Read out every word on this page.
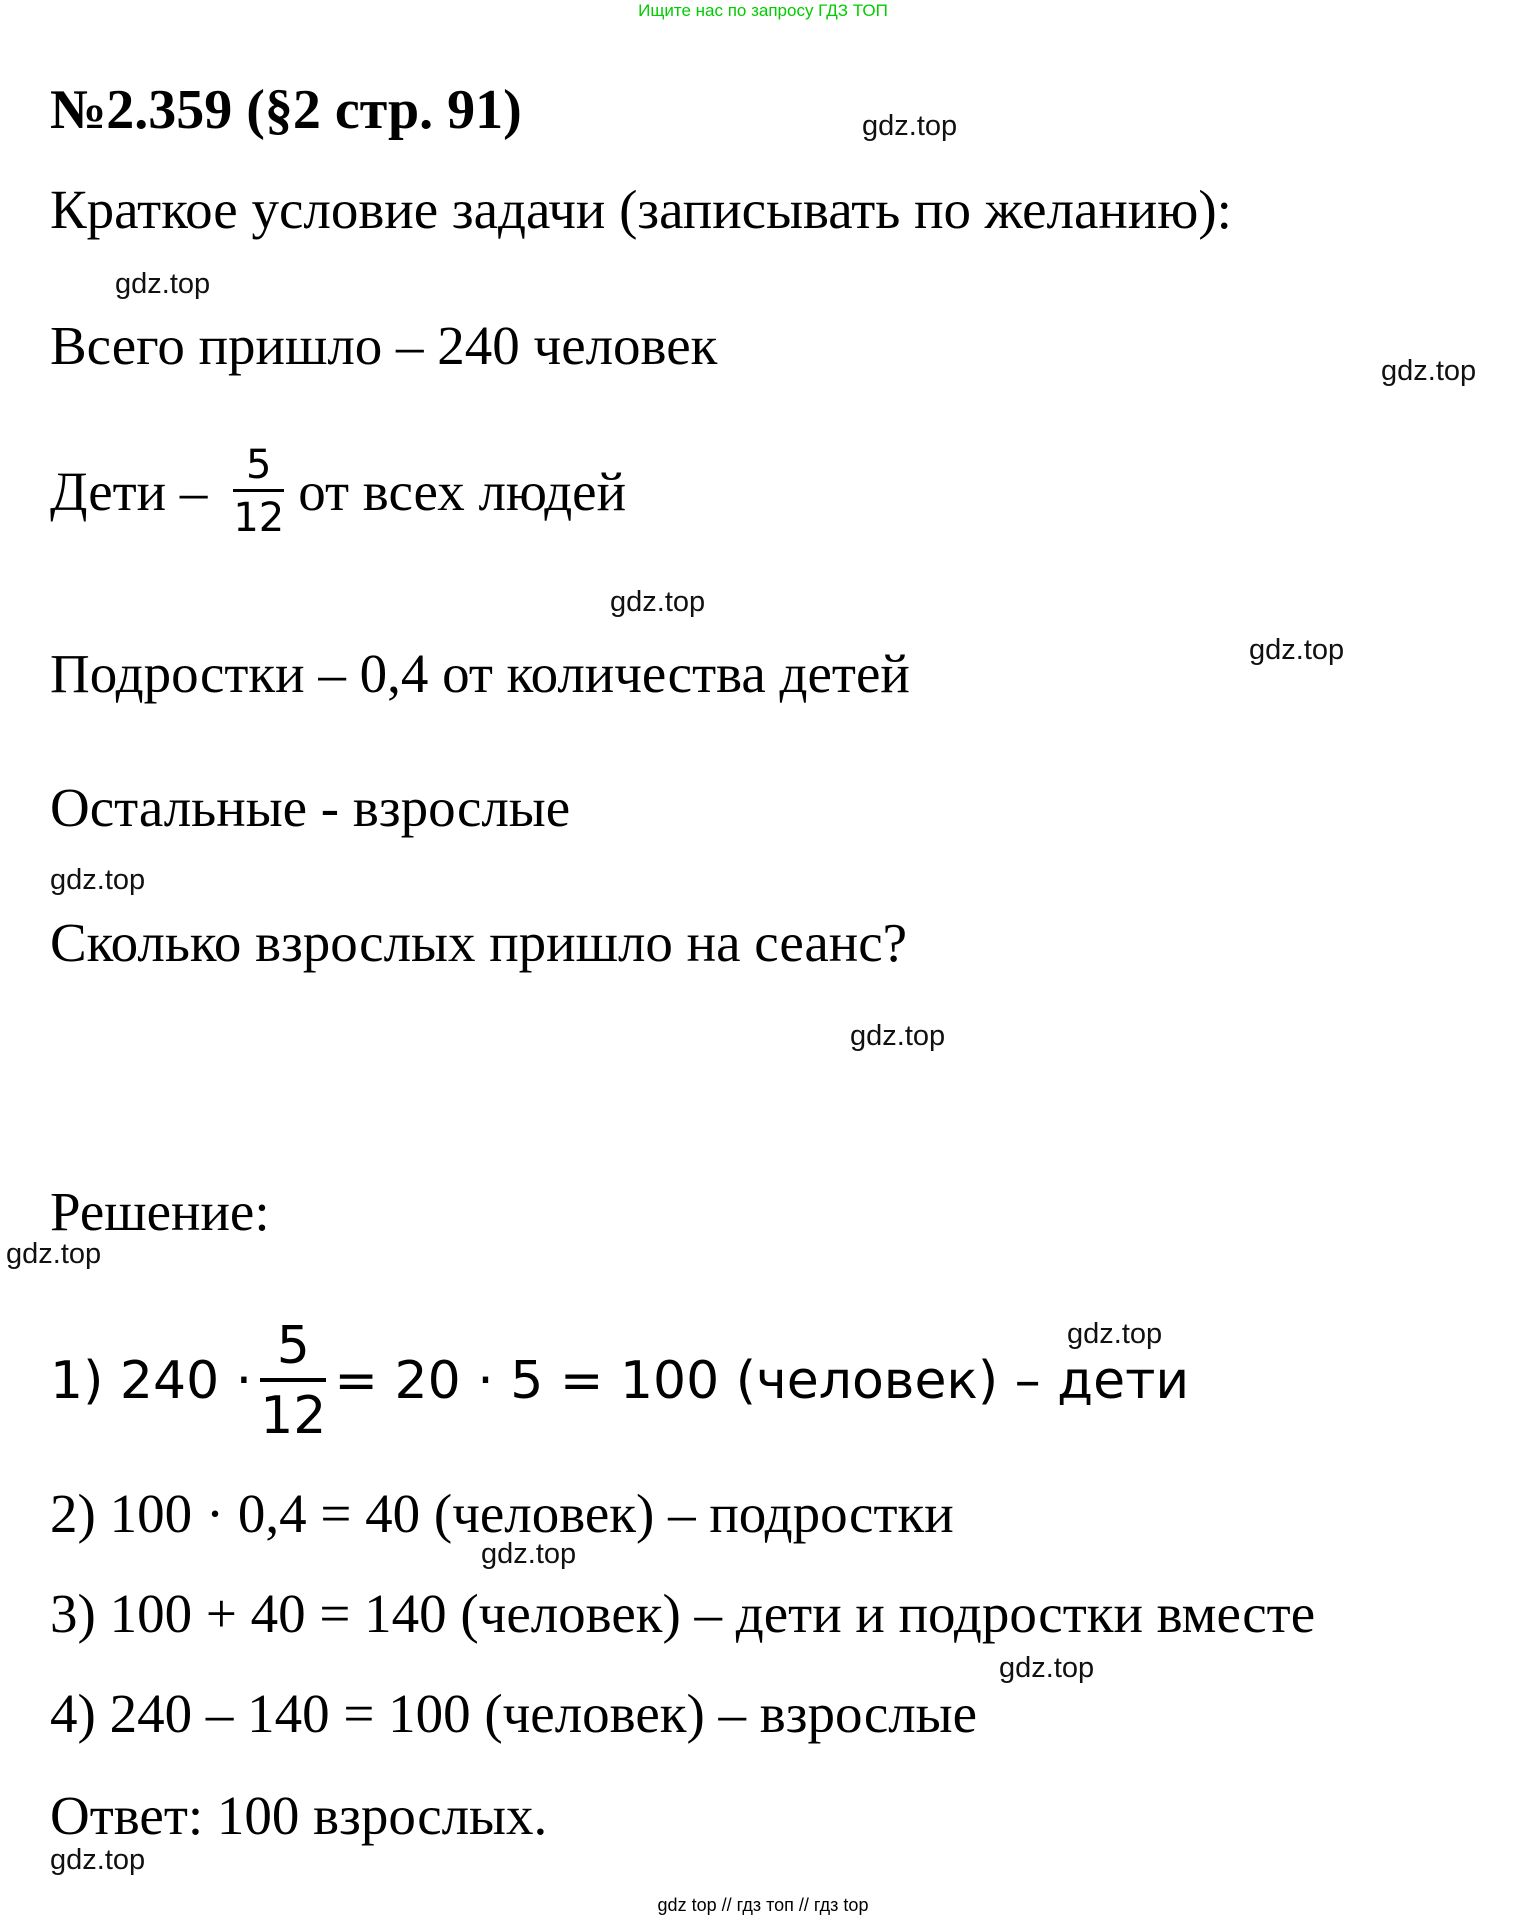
Ищите нас по запросу ГДЗ ТОП
№2.359 (§2 стр. 91)	gdz.top
Краткое условие задачи (записывать по желанию):
gdz.top
Всего пришло – 240 человек	gdz.top
Дети – $\frac{5}{12}$ от всех людей
gdz.top
gdz.top
Подростки – 0,4 от количества детей
Остальные - взрослые
gdz.top
Сколько взрослых пришло на сеанс?
gdz.top
Решение:
gdz.top
gdz.top
1) $240 \cdot \frac{5}{12} = 20 \cdot 5 = 100$ (человек) – дети
2) 100 · 0,4 = 40 (человек) – подростки
gdz.top
3) 100 + 40 = 140 (человек) – дети и подростки вместе
gdz.top
4) 240 – 140 = 100 (человек) – взрослые
Ответ: 100 взрослых.
gdz.top
gdz top // гдз топ // гдз top
